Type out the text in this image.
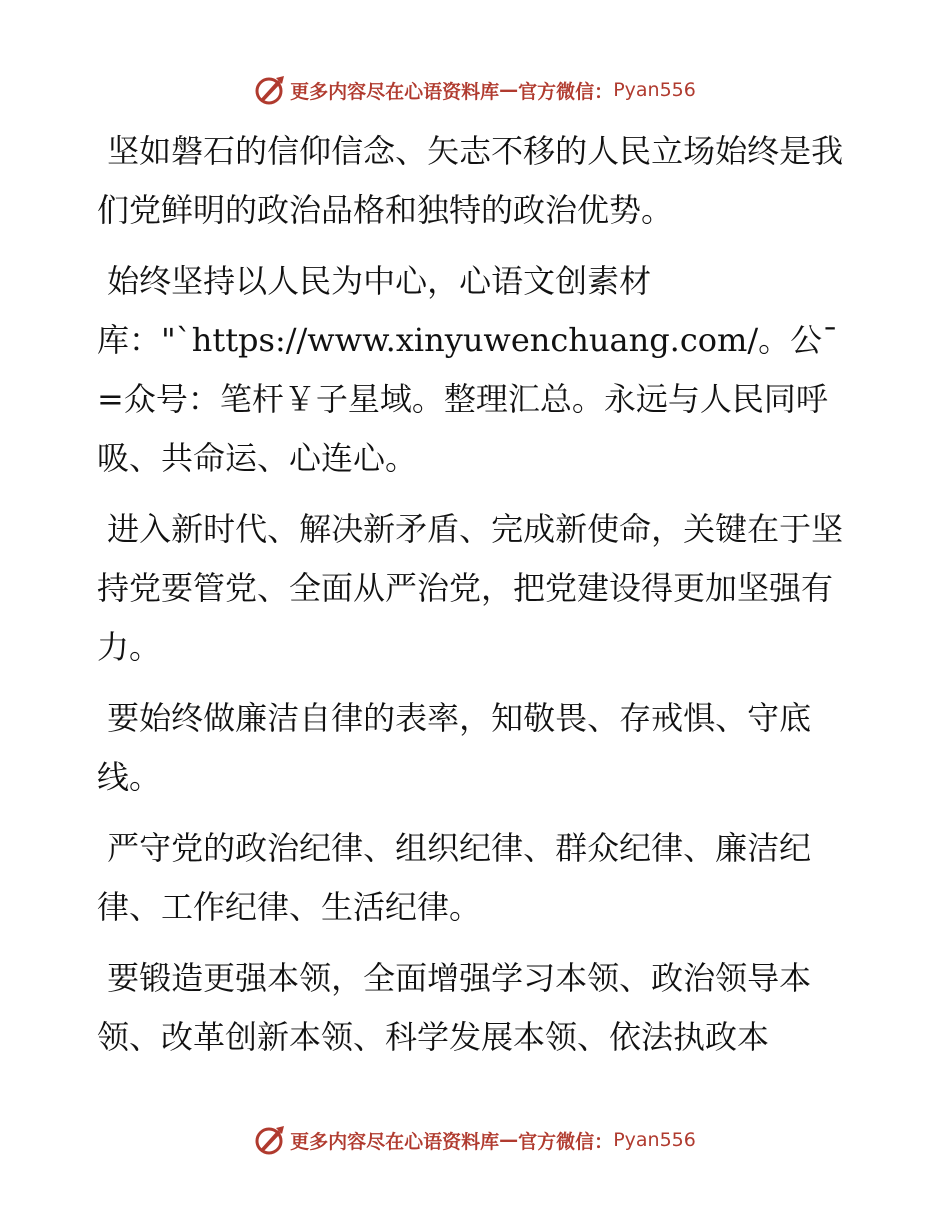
更多内容尽在心语资料库 — 官方微信： Pyan556

坚如磐石的信仰信念、矢志不移的人民立场始终是我们党鲜明的政治品格和独特的政治优势。

始终坚持以人民为中心，心语文创素材
库："`https://www.xinyuwenchuang.com/。公¯=众号：笔杆￥子星域。整理汇总。永远与人民同呼吸、共命运、心连心。

进入新时代、解决新矛盾、完成新使命，关键在于坚持党要管党、全面从严治党，把党建设得更加坚强有力。

要始终做廉洁自律的表率，知敬畏、存戒惧、守底线。

严守党的政治纪律、组织纪律、群众纪律、廉洁纪律、工作纪律、生活纪律。

要锻造更强本领，全面增强学习本领、政治领导本领、改革创新本领、科学发展本领、依法执政本

更多内容尽在心语资料库 — 官方微信： Pyan556
